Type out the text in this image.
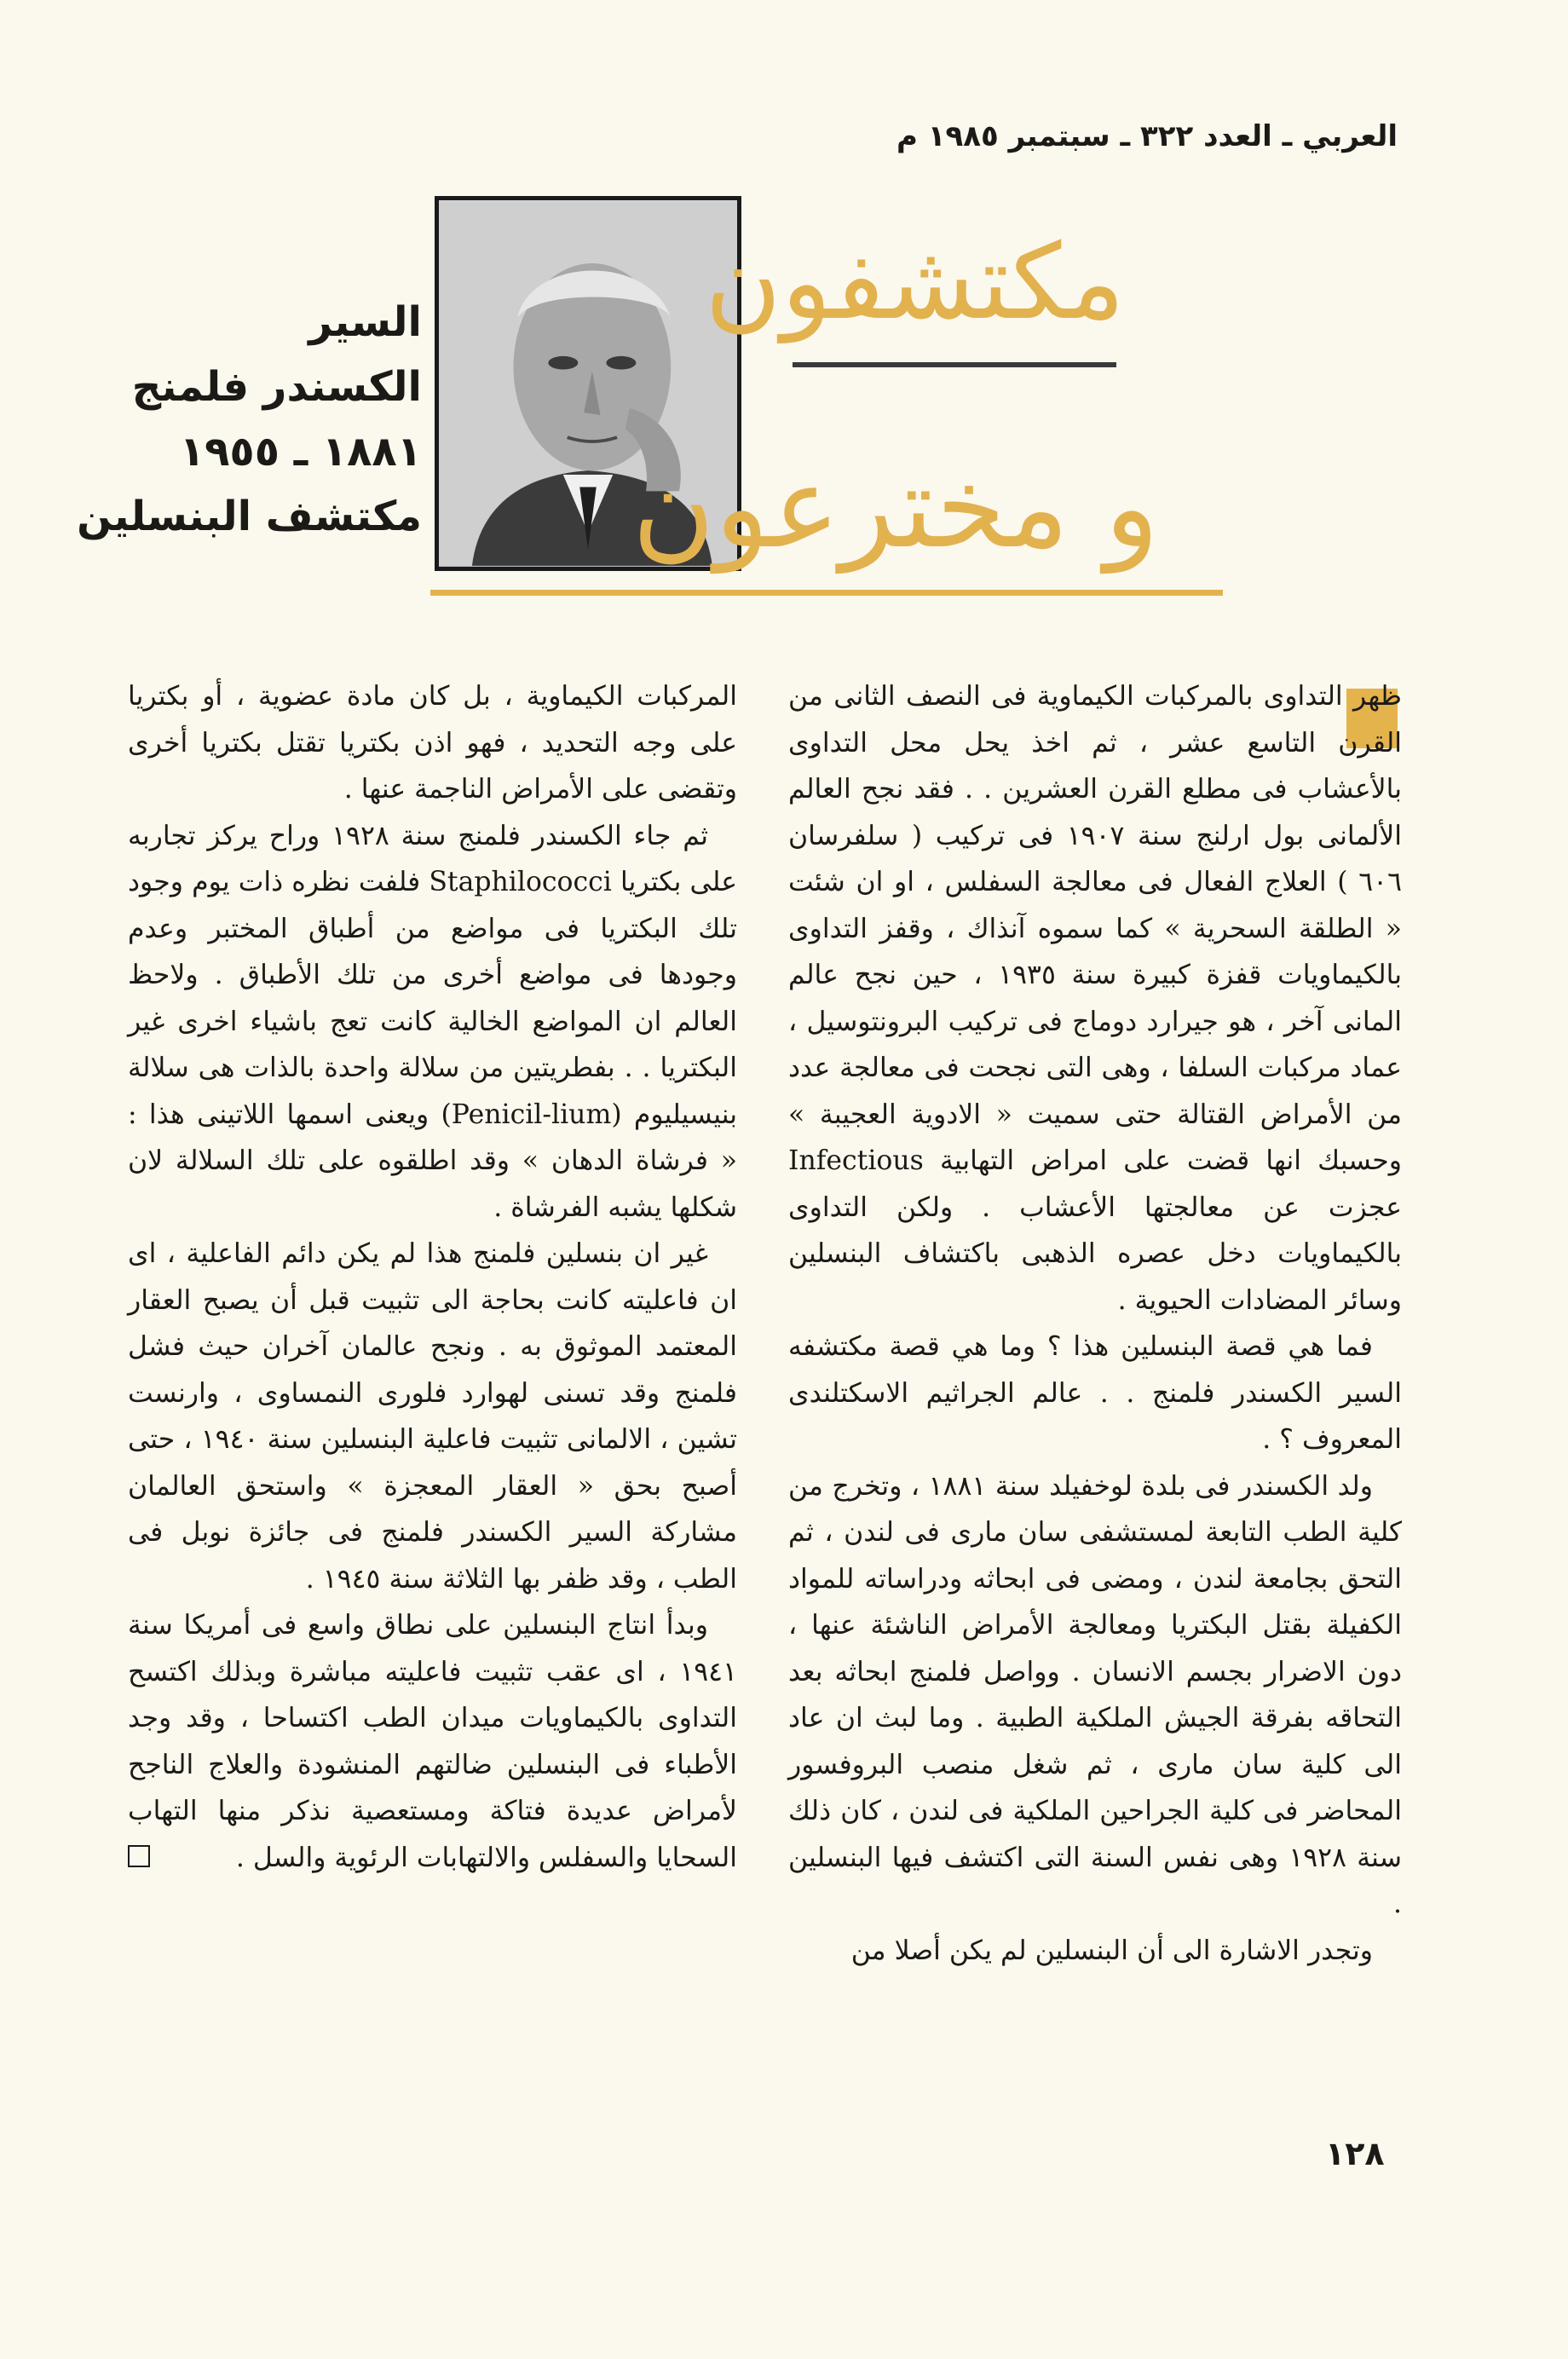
العربي ـ العدد ٣٢٢ ـ سبتمبر ١٩٨٥ م
مكتشفون
و مخترعون
السير
الكسندر فلمنج
١٨٨١ ـ ١٩٥٥
مكتشف البنسلين

ظهر التداوى بالمركبات الكيماوية فى النصف الثانى من القرن التاسع عشر ، ثم اخذ يحل محل التداوى بالأعشاب فى مطلع القرن العشرين . . فقد نجح العالم الألمانى بول ارلنج سنة ١٩٠٧ فى تركيب ( سلفرسان ٦٠٦ ) العلاج الفعال فى معالجة السفلس ، او ان شئت « الطلقة السحرية » كما سموه آنذاك ، وقفز التداوى بالكيماويات قفزة كبيرة سنة ١٩٣٥ ، حين نجح عالم المانى آخر ، هو جيرارد دوماج فى تركيب البرونتوسيل ، عماد مركبات السلفا ، وهى التى نجحت فى معالجة عدد من الأمراض القتالة حتى سميت « الادوية العجيبة » وحسبك انها قضت على امراض التهابية Infectious عجزت عن معالجتها الأعشاب . ولكن التداوى بالكيماويات دخل عصره الذهبى باكتشاف البنسلين وسائر المضادات الحيوية .

فما هي قصة البنسلين هذا ؟ وما هي قصة مكتشفه السير الكسندر فلمنج . . عالم الجراثيم الاسكتلندى المعروف ؟ .

ولد الكسندر فى بلدة لوخفيلد سنة ١٨٨١ ، وتخرج من كلية الطب التابعة لمستشفى سان مارى فى لندن ، ثم التحق بجامعة لندن ، ومضى فى ابحاثه ودراساته للمواد الكفيلة بقتل البكتريا ومعالجة الأمراض الناشئة عنها ، دون الاضرار بجسم الانسان . وواصل فلمنج ابحاثه بعد التحاقه بفرقة الجيش الملكية الطبية . وما لبث ان عاد الى كلية سان مارى ، ثم شغل منصب البروفسور المحاضر فى كلية الجراحين الملكية فى لندن ، كان ذلك سنة ١٩٢٨ وهى نفس السنة التى اكتشف فيها البنسلين .

وتجدر الاشارة الى أن البنسلين لم يكن أصلا من

المركبات الكيماوية ، بل كان مادة عضوية ، أو بكتريا على وجه التحديد ، فهو اذن بكتريا تقتل بكتريا أخرى وتقضى على الأمراض الناجمة عنها .

ثم جاء الكسندر فلمنج سنة ١٩٢٨ وراح يركز تجاربه على بكتريا Staphilococci فلفت نظره ذات يوم وجود تلك البكتريا فى مواضع من أطباق المختبر وعدم وجودها فى مواضع أخرى من تلك الأطباق . ولاحظ العالم ان المواضع الخالية كانت تعج باشياء اخرى غير البكتريا . . بفطريتين من سلالة واحدة بالذات هى سلالة بنيسيليوم (Penicil-lium) ويعنى اسمها اللاتينى هذا : « فرشاة الدهان » وقد اطلقوه على تلك السلالة لان شكلها يشبه الفرشاة .

غير ان بنسلين فلمنج هذا لم يكن دائم الفاعلية ، اى ان فاعليته كانت بحاجة الى تثبيت قبل أن يصبح العقار المعتمد الموثوق به . ونجح عالمان آخران حيث فشل فلمنج وقد تسنى لهوارد فلورى النمساوى ، وارنست تشين ، الالمانى تثبيت فاعلية البنسلين سنة ١٩٤٠ ، حتى أصبح بحق « العقار المعجزة » واستحق العالمان مشاركة السير الكسندر فلمنج فى جائزة نوبل فى الطب ، وقد ظفر بها الثلاثة سنة ١٩٤٥ .

وبدأ انتاج البنسلين على نطاق واسع فى أمريكا سنة ١٩٤١ ، اى عقب تثبيت فاعليته مباشرة وبذلك اكتسح التداوى بالكيماويات ميدان الطب اكتساحا ، وقد وجد الأطباء فى البنسلين ضالتهم المنشودة والعلاج الناجح لأمراض عديدة فتاكة ومستعصية نذكر منها التهاب السحايا والسفلس والالتهابات الرئوية والسل .

١٢٨
